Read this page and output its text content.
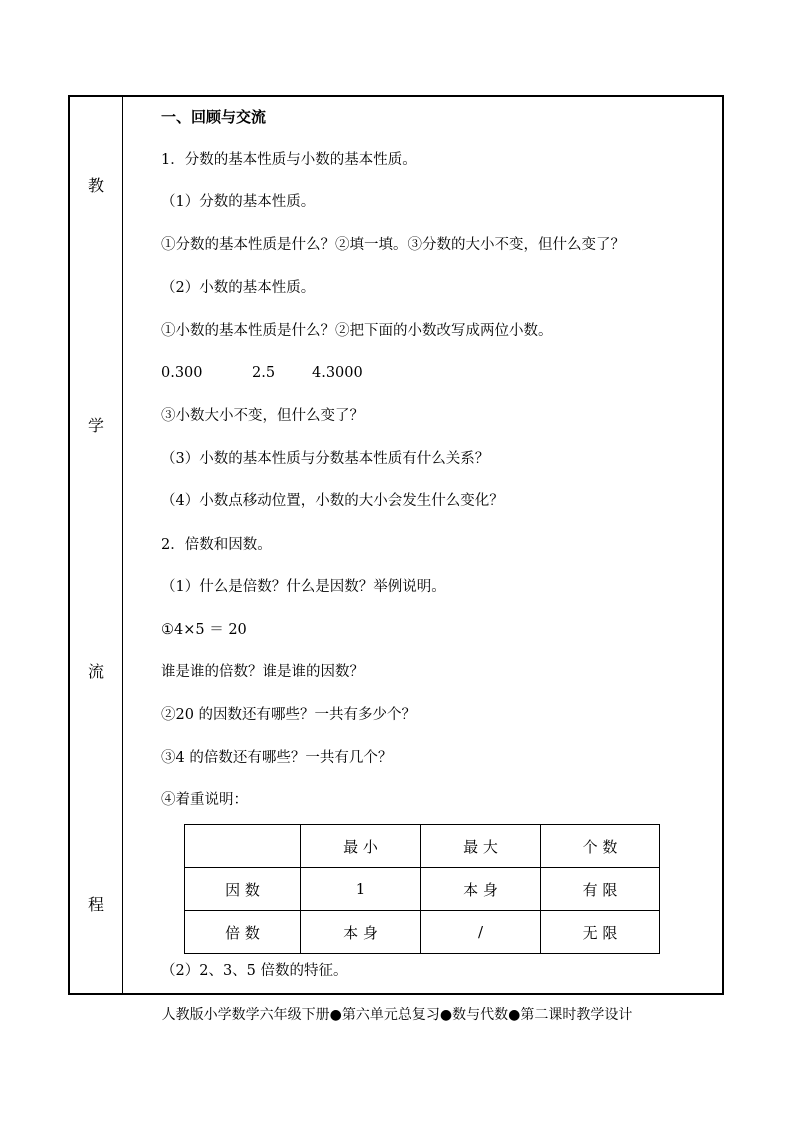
教
学
流
程
一、回顾与交流
1．分数的基本性质与小数的基本性质。
（1）分数的基本性质。
①分数的基本性质是什么？②填一填。③分数的大小不变，但什么变了？
（2）小数的基本性质。
①小数的基本性质是什么？②把下面的小数改写成两位小数。
0.300	2.5	4.3000
③小数大小不变，但什么变了？
（3）小数的基本性质与分数基本性质有什么关系？
（4）小数点移动位置，小数的大小会发生什么变化？
2．倍数和因数。
（1）什么是倍数？什么是因数？举例说明。
①4×5 ＝ 20
谁是谁的倍数？谁是谁的因数？
②20 的因数还有哪些？一共有多少个？
③4 的倍数还有哪些？一共有几个？
④着重说明：
	最 小	最 大	个 数
因 数	1	本 身	有 限
倍 数	本 身	/	无 限
（2）2、3、5 倍数的特征。
人教版小学数学六年级下册●第六单元总复习●数与代数●第二课时教学设计
